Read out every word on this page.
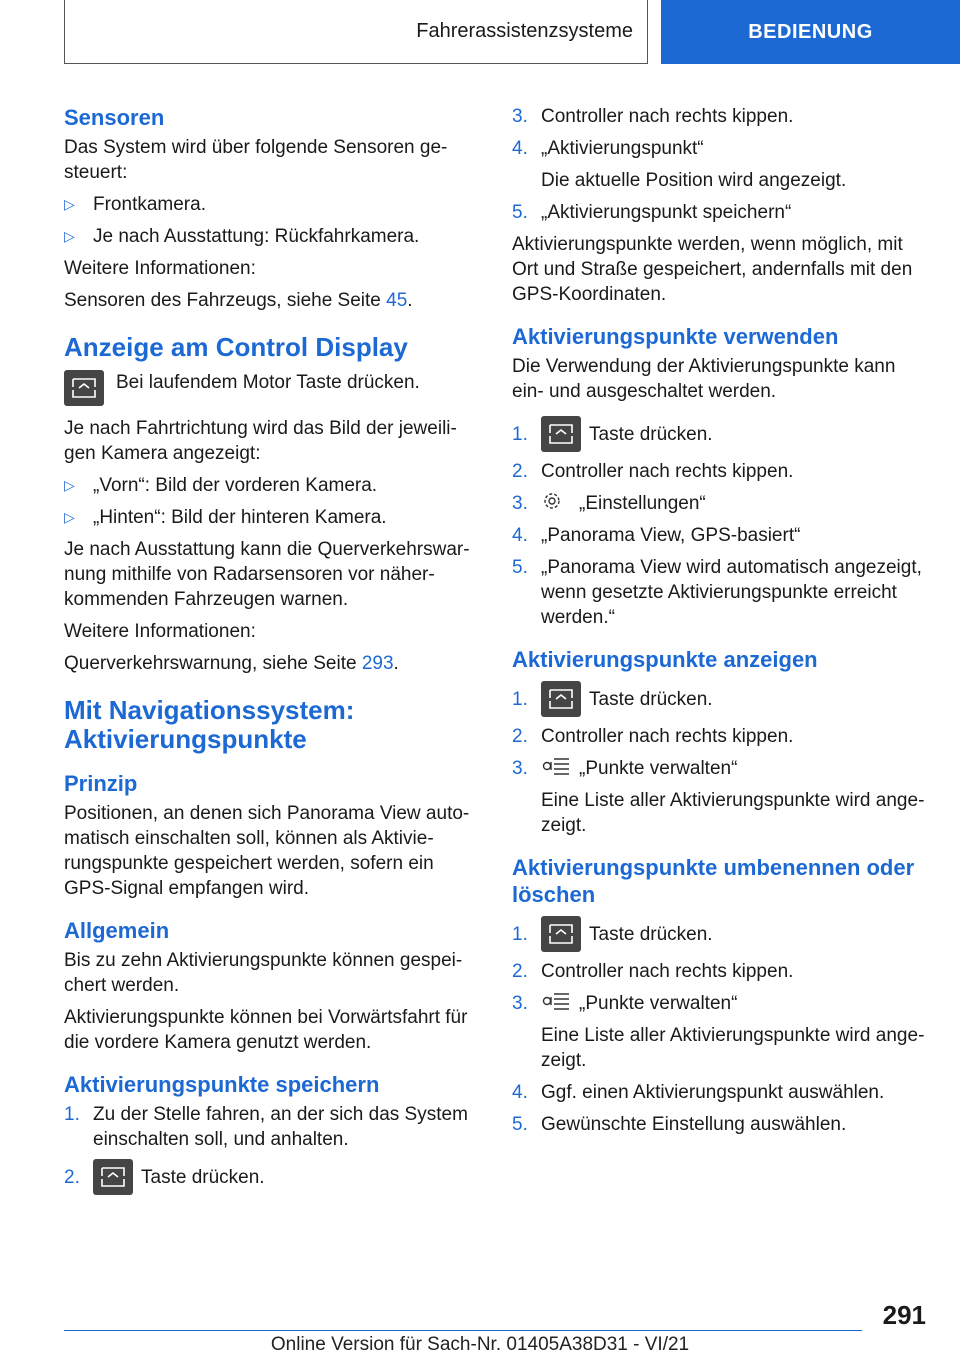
Fahrerassistenzsysteme	BEDIENUNG
Sensoren

Das System wird über folgende Sensoren gesteuert:

▷ Frontkamera.
▷ Je nach Ausstattung: Rückfahrkamera.

Weitere Informationen:

Sensoren des Fahrzeugs, siehe Seite 45.

Anzeige am Control Display
Bei laufendem Motor Taste drücken.

Je nach Fahrtrichtung wird das Bild der jeweiligen Kamera angezeigt:

▷ „Vorn“: Bild der vorderen Kamera.
▷ „Hinten“: Bild der hinteren Kamera.

Je nach Ausstattung kann die Querverkehrswarnung mithilfe von Radarsensoren vor näherkommenden Fahrzeugen warnen.

Weitere Informationen:

Querverkehrswarnung, siehe Seite 293.

Mit Navigationssystem: Aktivierungspunkte
Prinzip

Positionen, an denen sich Panorama View automatisch einschalten soll, können als Aktivierungspunkte gespeichert werden, sofern ein GPS-Signal empfangen wird.

Allgemein

Bis zu zehn Aktivierungspunkte können gespeichert werden.

Aktivierungspunkte können bei Vorwärtsfahrt für die vordere Kamera genutzt werden.

Aktivierungspunkte speichern
1. Zu der Stelle fahren, an der sich das System einschalten soll, und anhalten.
2.	Taste drücken.
3. Controller nach rechts kippen.
4. „Aktivierungspunkt“

Die aktuelle Position wird angezeigt.

5. „Aktivierungspunkt speichern“

Aktivierungspunkte werden, wenn möglich, mit Ort und Straße gespeichert, andernfalls mit den GPS-Koordinaten.

Aktivierungspunkte verwenden

Die Verwendung der Aktivierungspunkte kann ein- und ausgeschaltet werden.

1.	Taste drücken.
2. Controller nach rechts kippen.
3.	„Einstellungen“
4. „Panorama View, GPS-basiert“
5. „Panorama View wird automatisch angezeigt, wenn gesetzte Aktivierungspunkte erreicht werden.“
Aktivierungspunkte anzeigen
1.	Taste drücken.
2. Controller nach rechts kippen.
3.	„Punkte verwalten“

Eine Liste aller Aktivierungspunkte wird angezeigt.

Aktivierungspunkte umbenennen oder löschen
1.	Taste drücken.
2. Controller nach rechts kippen.
3.	„Punkte verwalten“

Eine Liste aller Aktivierungspunkte wird angezeigt.

4. Ggf. einen Aktivierungspunkt auswählen.
5. Gewünschte Einstellung auswählen.
291
Online Version für Sach-Nr. 01405A38D31 - VI/21
